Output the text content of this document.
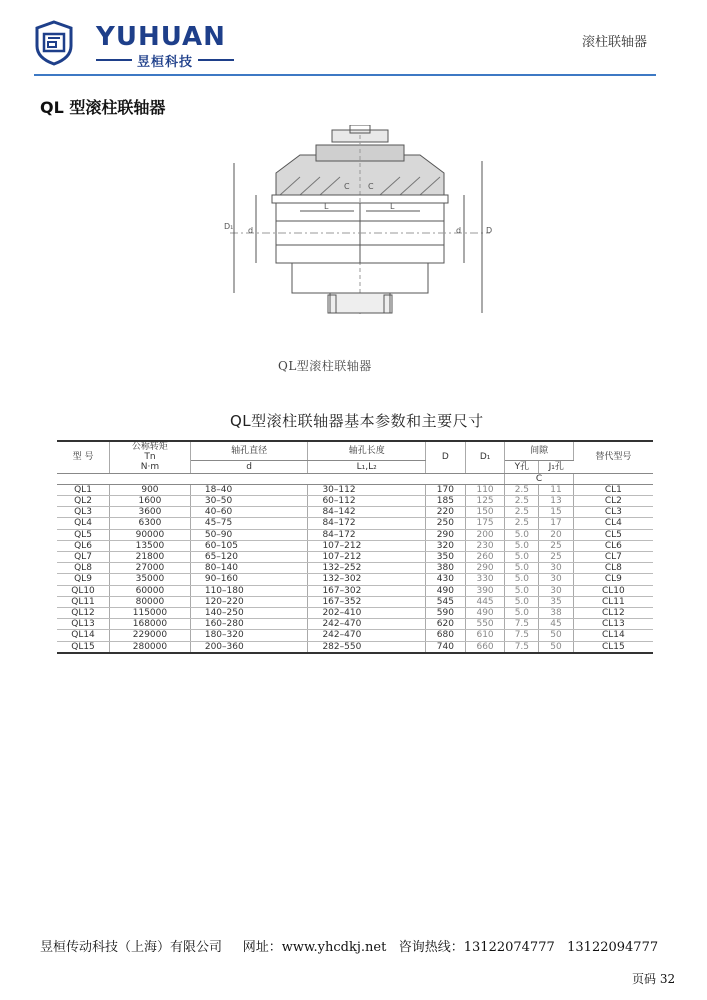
YUHUAN
昱桓科技
滚柱联轴器
QL 型滚柱联轴器
D₁ d	d	D
L	L
C C
QL型滚柱联轴器
QL型滚柱联轴器基本参数和主要尺寸
型 号	公称转矩
Tn
N·m	轴孔直径	轴孔长度	D	D₁	间隙		替代型号
		d	L₁,L₂			Y孔	J₁孔	
						C		
QL1	900	18–40	30–112	170	110	2.5	11	CL1
QL2	1600	30–50	60–112	185	125	2.5	13	CL2
QL3	3600	40–60	84–142	220	150	2.5	15	CL3
QL4	6300	45–75	84–172	250	175	2.5	17	CL4
QL5	90000	50–90	84–172	290	200	5.0	20	CL5
QL6	13500	60–105	107–212	320	230	5.0	25	CL6
QL7	21800	65–120	107–212	350	260	5.0	25	CL7
QL8	27000	80–140	132–252	380	290	5.0	30	CL8
QL9	35000	90–160	132–302	430	330	5.0	30	CL9
QL10	60000	110–180	167–302	490	390	5.0	30	CL10
QL11	80000	120–220	167–352	545	445	5.0	35	CL11
QL12	115000	140–250	202–410	590	490	5.0	38	CL12
QL13	168000	160–280	242–470	620	550	7.5	45	CL13
QL14	229000	180–320	242–470	680	610	7.5	50	CL14
QL15	280000	200–360	282–550	740	660	7.5	50	CL15
昱桓传动科技（上海）有限公司 网址：www.yhcdkj.net 咨询热线：13122074777 13122094777
页码 32
